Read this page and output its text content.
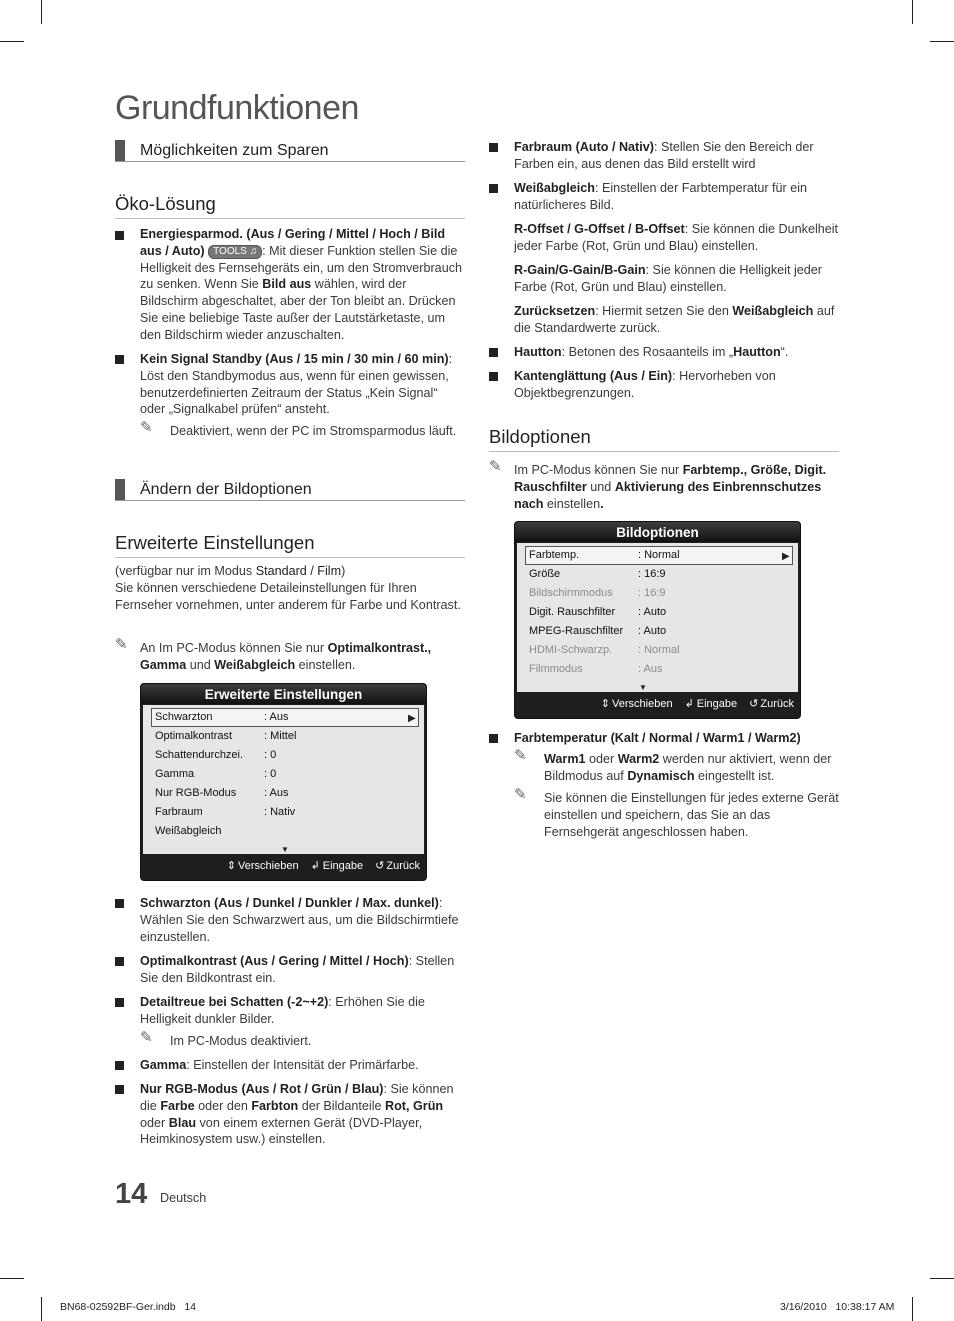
Grundfunktionen
Möglichkeiten zum Sparen
Öko-Lösung
Energiesparmod. (Aus / Gering / Mittel / Hoch / Bild aus / Auto) TOOLS ♫ : Mit dieser Funktion stellen Sie die Helligkeit des Fernsehgeräts ein, um den Stromverbrauch zu senken. Wenn Sie Bild aus wählen, wird der Bildschirm abgeschaltet, aber der Ton bleibt an. Drücken Sie eine beliebige Taste außer der Lautstärketaste, um den Bildschirm wieder anzuschalten.
Kein Signal Standby (Aus / 15 min / 30 min / 60 min): Löst den Standbymodus aus, wenn für einen gewissen, benutzerdefinierten Zeitraum der Status „Kein Signal“ oder „Signalkabel prüfen“ ansteht.
✎ Deaktiviert, wenn der PC im Stromsparmodus läuft.
Ändern der Bildoptionen
Erweiterte Einstellungen
(verfügbar nur im Modus Standard / Film)
Sie können verschiedene Detaileinstellungen für Ihren Fernseher vornehmen, unter anderem für Farbe und Kontrast.
✎ An Im PC-Modus können Sie nur Optimalkontrast., Gamma und Weißabgleich einstellen.
Erweiterte Einstellungen
▶
Schwarzton	: Aus
Optimalkontrast	: Mittel
Schattendurchzei. : 0
Gamma	: 0
Nur RGB-Modus	: Aus
Farbraum	: Nativ
Weißabgleich
▼
⇕ Verschieben ↲ Eingabe ↺ Zurück
Schwarzton (Aus / Dunkel / Dunkler / Max. dunkel): Wählen Sie den Schwarzwert aus, um die Bildschirmtiefe einzustellen.
Optimalkontrast (Aus / Gering / Mittel / Hoch): Stellen Sie den Bildkontrast ein.
Detailtreue bei Schatten (-2~+2): Erhöhen Sie die Helligkeit dunkler Bilder.
✎ Im PC-Modus deaktiviert.
Gamma: Einstellen der Intensität der Primärfarbe.
Nur RGB-Modus (Aus / Rot / Grün / Blau): Sie können die Farbe oder den Farbton der Bildanteile Rot, Grün oder Blau von einem externen Gerät (DVD-Player, Heimkinosystem usw.) einstellen.
Farbraum (Auto / Nativ): Stellen Sie den Bereich der Farben ein, aus denen das Bild erstellt wird
Weißabgleich: Einstellen der Farbtemperatur für ein natürlicheres Bild.
R-Offset / G-Offset / B-Offset: Sie können die Dunkelheit jeder Farbe (Rot, Grün und Blau) einstellen.
R-Gain/G-Gain/B-Gain: Sie können die Helligkeit jeder Farbe (Rot, Grün und Blau) einstellen.
Zurücksetzen: Hiermit setzen Sie den Weißabgleich auf die Standardwerte zurück.
Hautton: Betonen des Rosaanteils im „Hautton“.
Kantenglättung (Aus / Ein): Hervorheben von Objektbegrenzungen.
Bildoptionen
✎ Im PC-Modus können Sie nur Farbtemp., Größe, Digit. Rauschfilter und Aktivierung des Einbrennschutzes nach einstellen.
Bildoptionen
▶
Farbtemp.	: Normal
Größe	: 16:9
Bildschirmmodus : 16:9
Digit. Rauschfilter : Auto
MPEG-Rauschfilter : Auto
HDMI-Schwarzp. : Normal
Filmmodus	: Aus
▼
⇕ Verschieben ↲ Eingabe ↺ Zurück
Farbtemperatur (Kalt / Normal / Warm1 / Warm2)
✎ Warm1 oder Warm2 werden nur aktiviert, wenn der Bildmodus auf Dynamisch eingestellt ist.
✎ Sie können die Einstellungen für jedes externe Gerät einstellen und speichern, das Sie an das Fernsehgerät angeschlossen haben.
14 Deutsch
BN68-02592BF-Ger.indb   14	3/16/2010   10:38:17 AM
